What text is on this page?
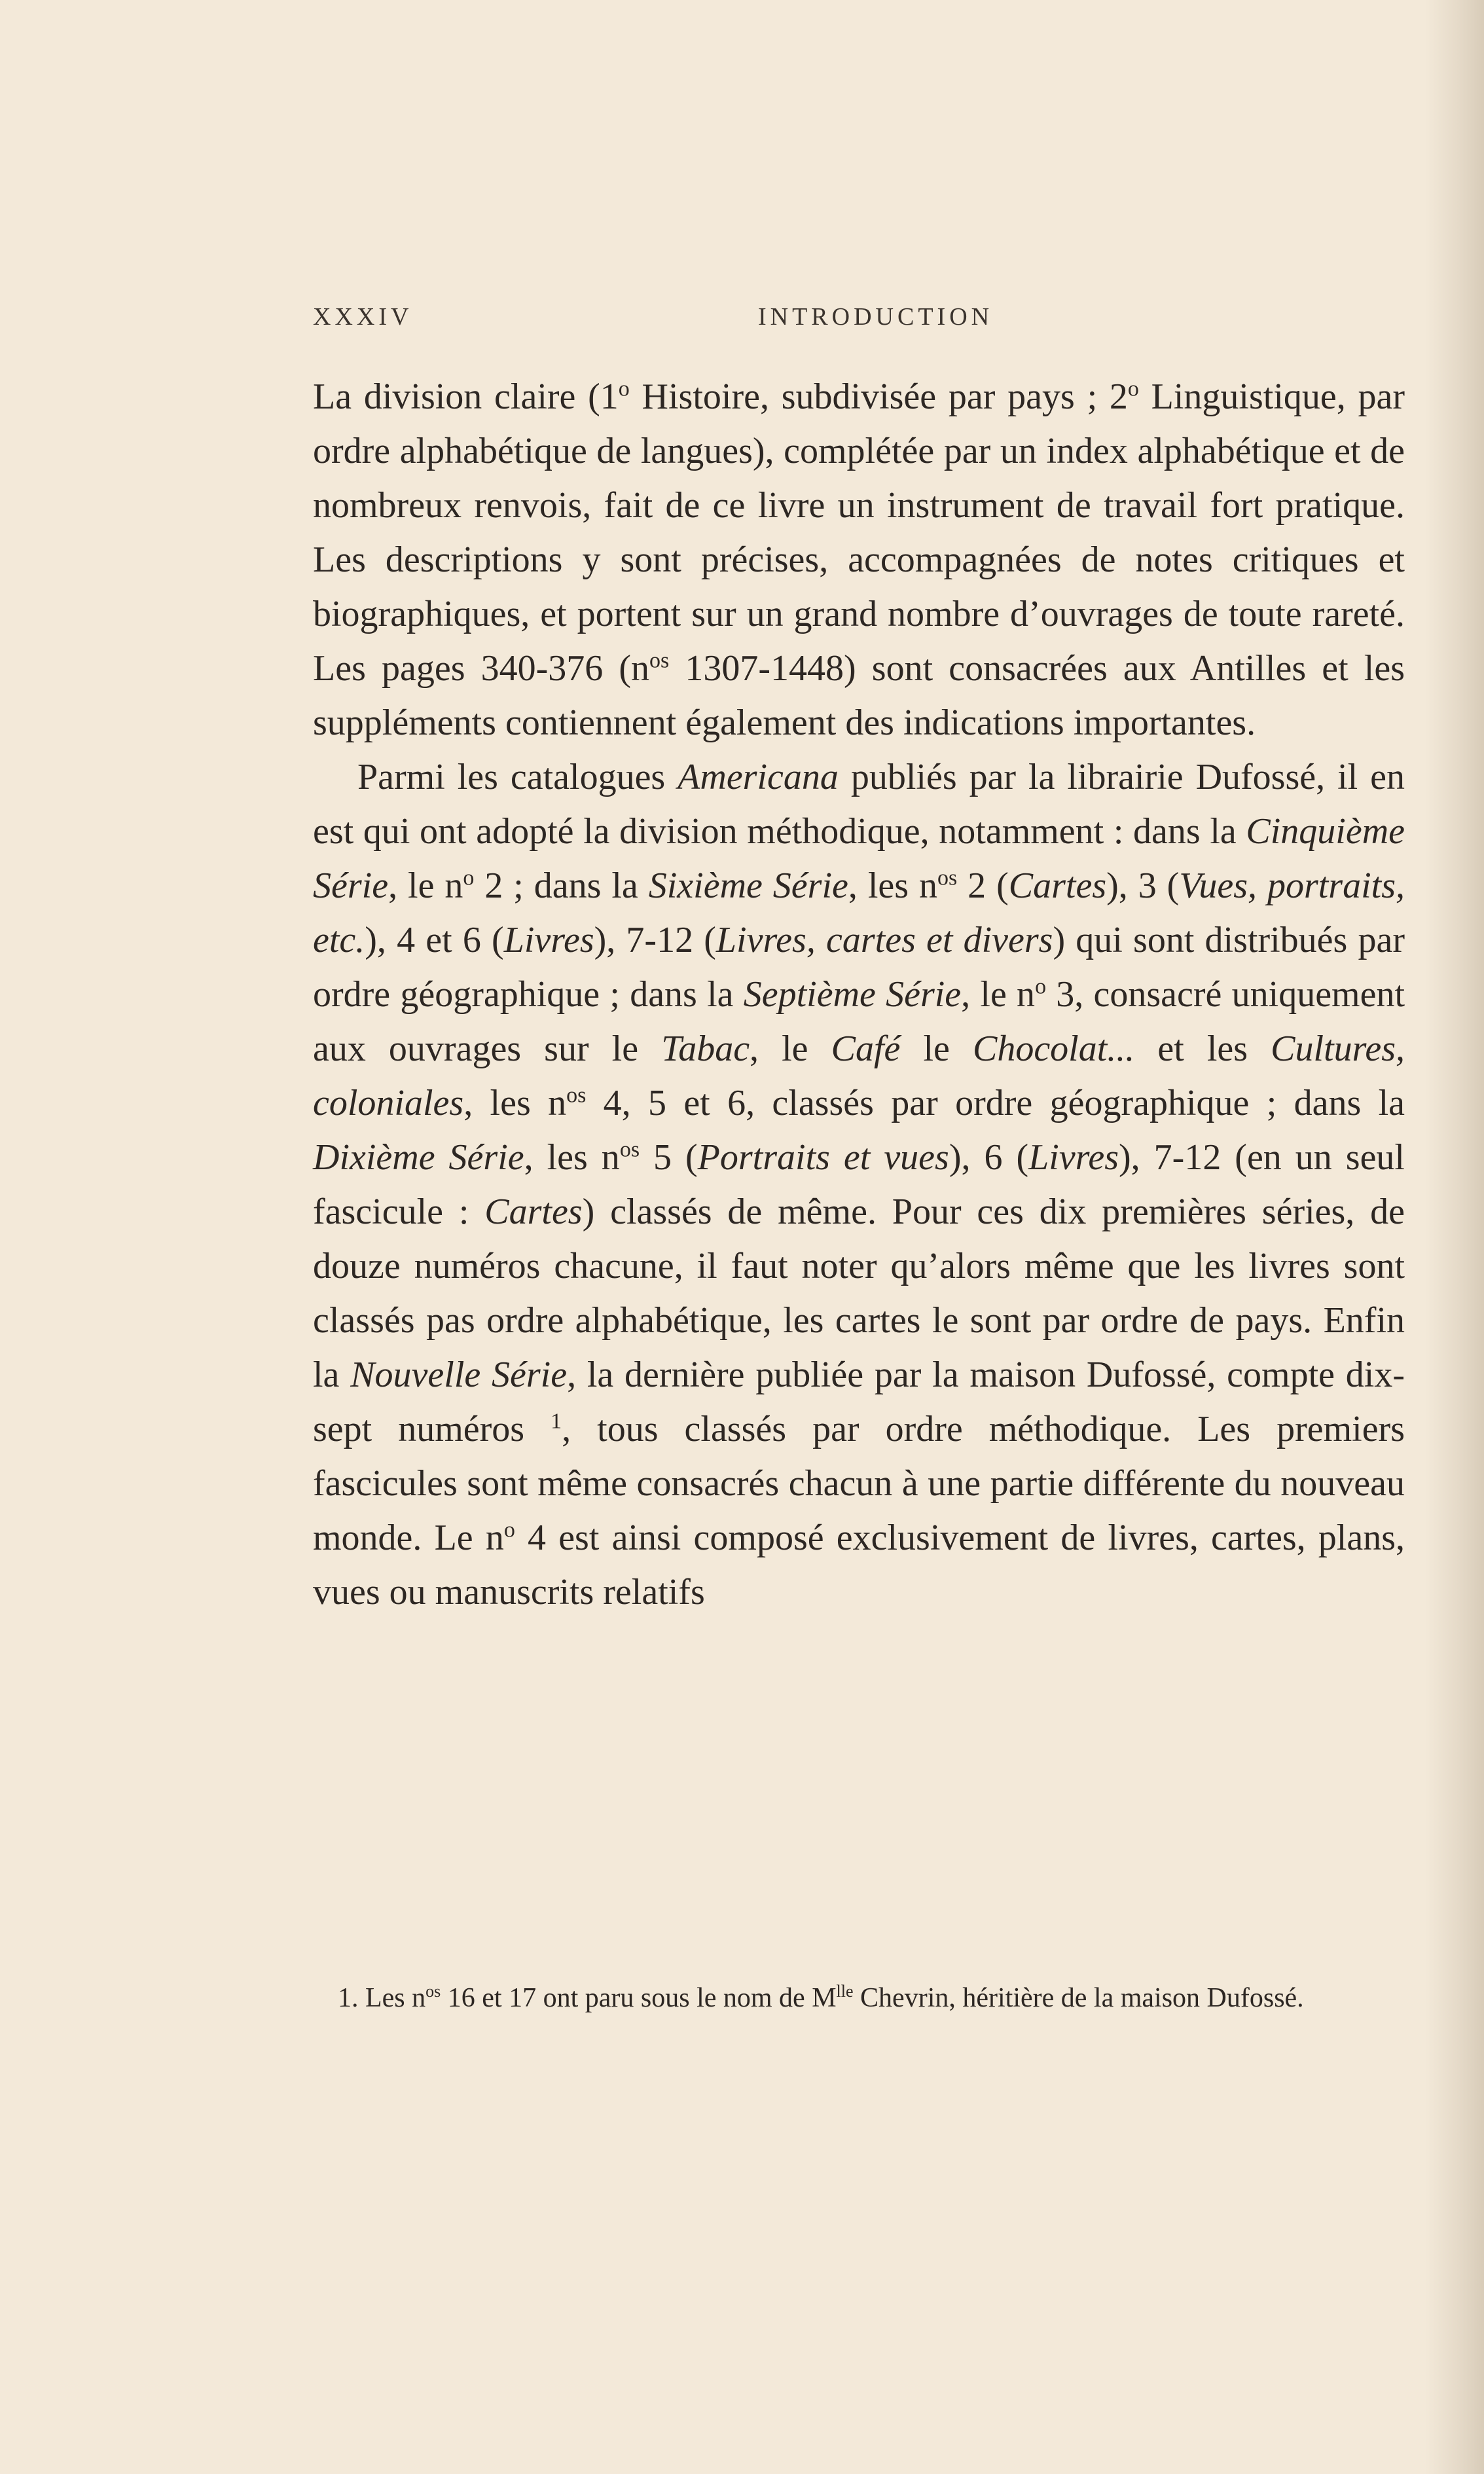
XXXIV	INTRODUCTION

La division claire (1$^o$ Histoire, subdivisée par pays ; 2$^o$ Linguistique, par ordre alphabétique de langues), complétée par un index alphabétique et de nombreux renvois, fait de ce livre un instrument de travail fort pratique. Les descriptions y sont précises, accompagnées de notes critiques et biographiques, et portent sur un grand nombre d’ouvrages de toute rareté. Les pages 340-376 ($n^{os}$ 1307-1448) sont consacrées aux Antilles et les suppléments contiennent également des indications importantes.

Parmi les catalogues Americana publiés par la librairie Dufossé, il en est qui ont adopté la division méthodique, notamment : dans la Cinquième Série, le $n^o$ 2 ; dans la Sixième Série, les $n^{os}$ 2 (Cartes), 3 (Vues, portraits, etc.), 4 et 6 (Livres), 7-12 (Livres, cartes et divers) qui sont distribués par ordre géographique ; dans la Septième Série, le $n^o$ 3, consacré uniquement aux ouvrages sur le Tabac, le Café le Chocolat... et les Cultures, coloniales, les $n^{os}$ 4, 5 et 6, classés par ordre géographique ; dans la Dixième Série, les $n^{os}$ 5 (Portraits et vues), 6 (Livres), 7-12 (en un seul fascicule : Cartes) classés de même. Pour ces dix premières séries, de douze numéros chacune, il faut noter qu’alors même que les livres sont classés pas ordre alphabétique, les cartes le sont par ordre de pays. Enfin la Nouvelle Série, la dernière publiée par la maison Dufossé, compte dix-sept numéros $^1$, tous classés par ordre méthodique. Les premiers fascicules sont même consacrés chacun à une partie différente du nouveau monde. Le $n^o$ 4 est ainsi composé exclusivement de livres, cartes, plans, vues ou manuscrits relatifs

1. Les $n^{os}$ 16 et 17 ont paru sous le nom de $M^{lle}$ Chevrin, héritière de la maison Dufossé.
